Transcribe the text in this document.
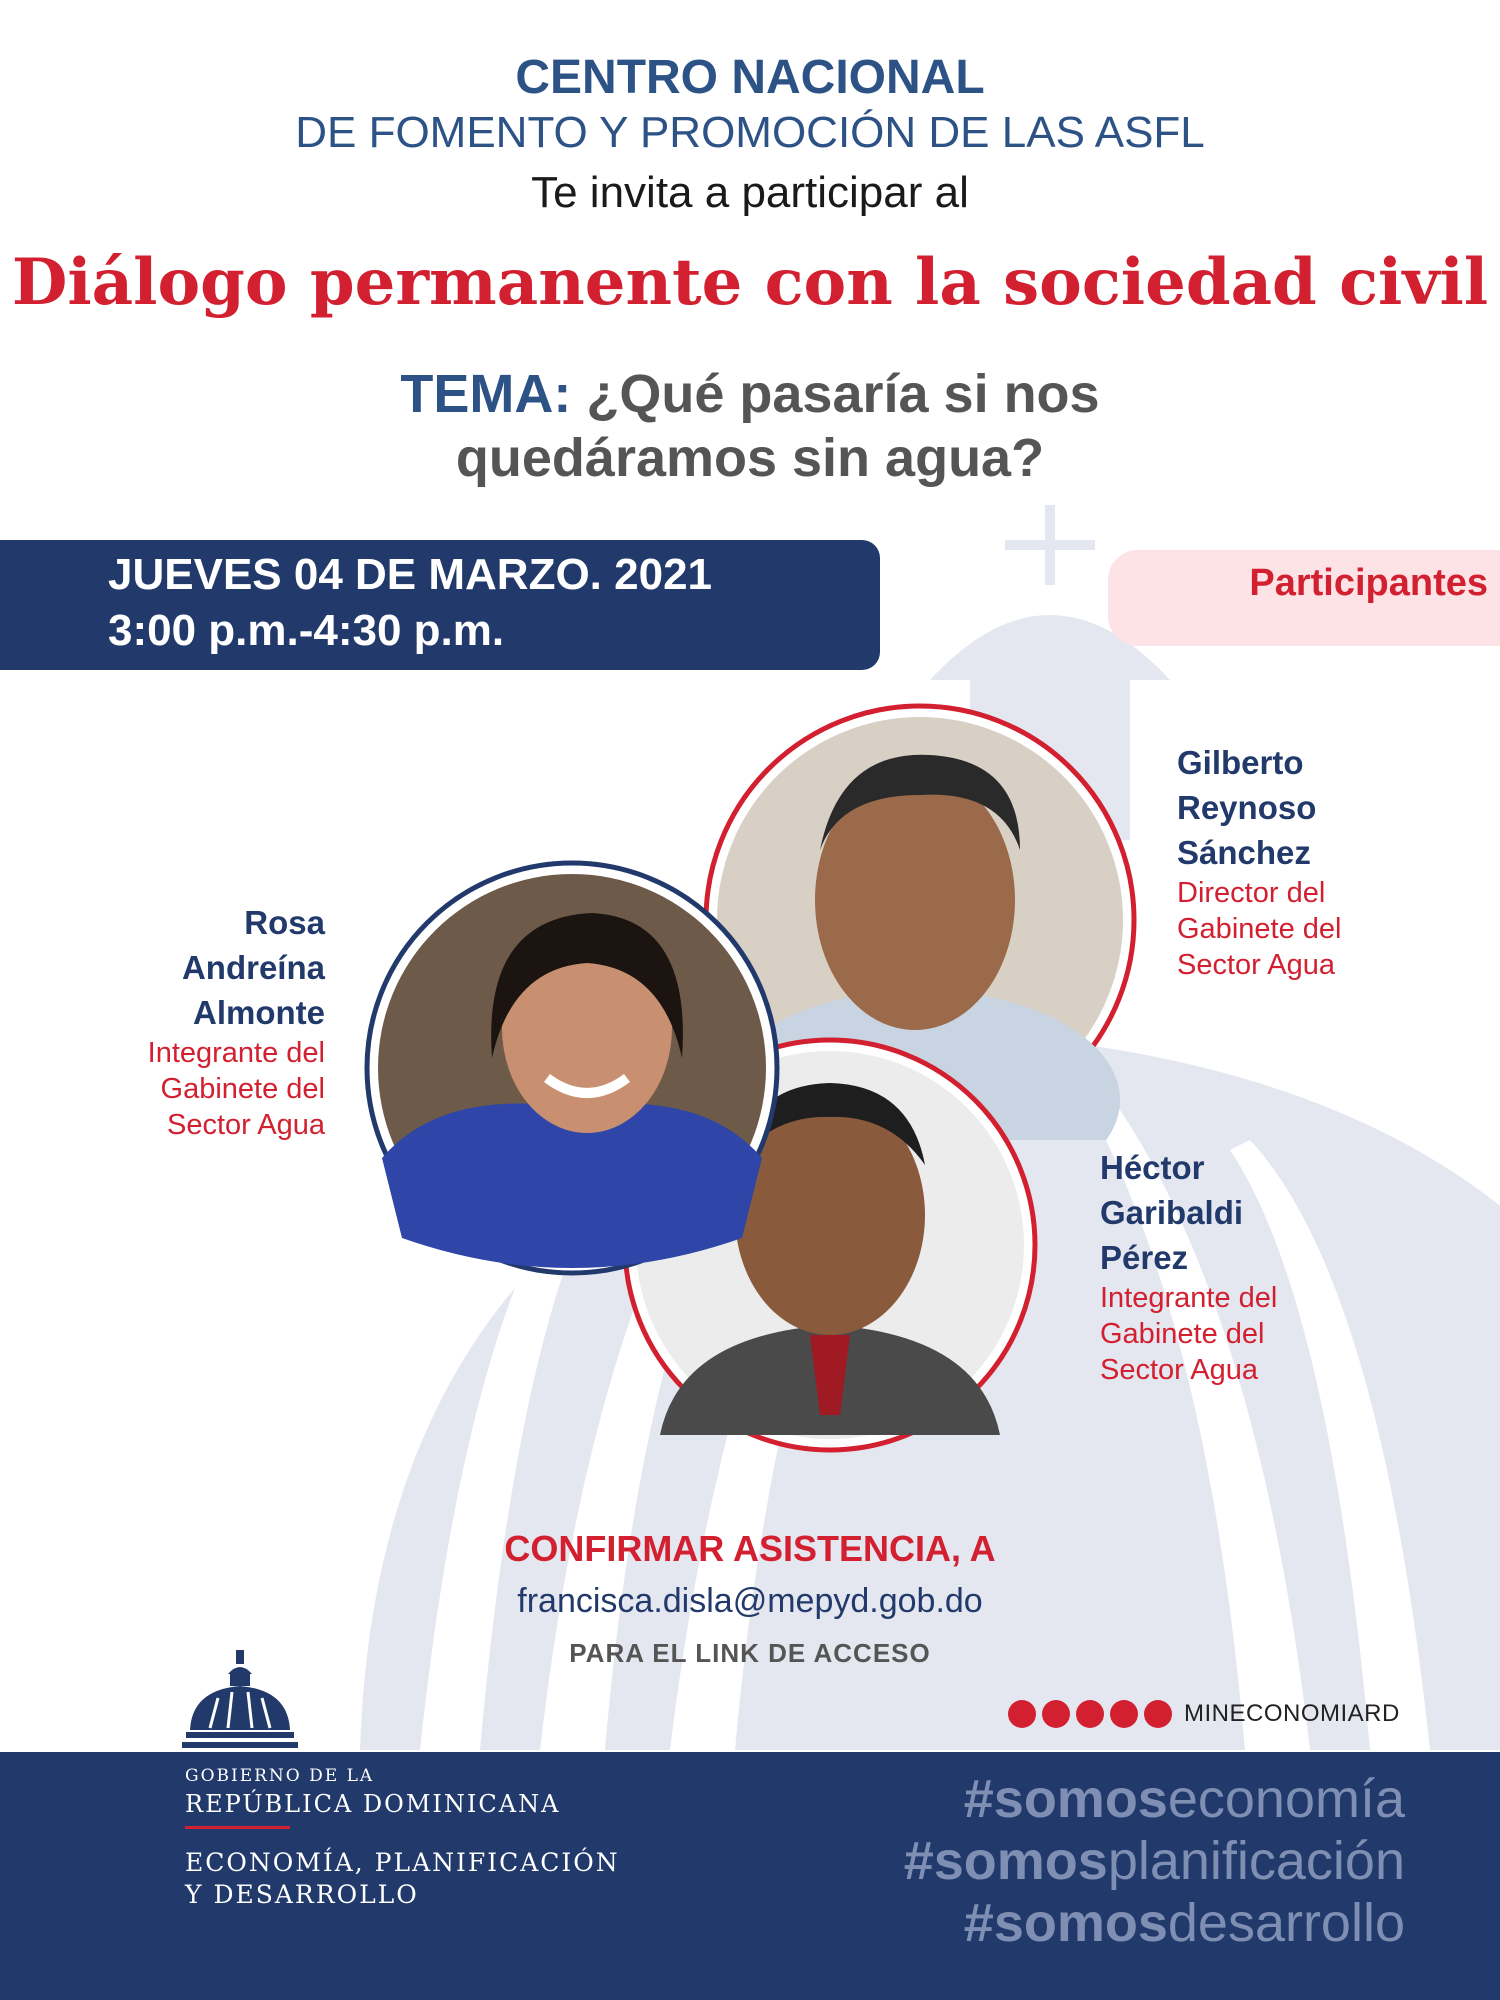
CENTRO NACIONAL

DE FOMENTO Y PROMOCIÓN DE LAS ASFL

Te invita a participar al

Diálogo permanente con la sociedad civil

TEMA: ¿Qué pasaría si nos
quedáramos sin agua?
JUEVES 04 DE MARZO. 2021
3:00 p.m.-4:30 p.m.
Participantes
Rosa
Andreína
Almonte
Integrante del
Gabinete del
Sector Agua
Gilberto
Reynoso
Sánchez
Director del
Gabinete del
Sector Agua
Héctor
Garibaldi
Pérez
Integrante del
Gabinete del
Sector Agua
CONFIRMAR ASISTENCIA, A
francisca.disla@mepyd.gob.do
PARA EL LINK DE ACCESO
MINECONOMIARD
GOBIERNO DE LA
REPÚBLICA DOMINICANA
ECONOMÍA, PLANIFICACIÓN
Y DESARROLLO
#somoseconomía
#somosplanificación
#somosdesarrollo
